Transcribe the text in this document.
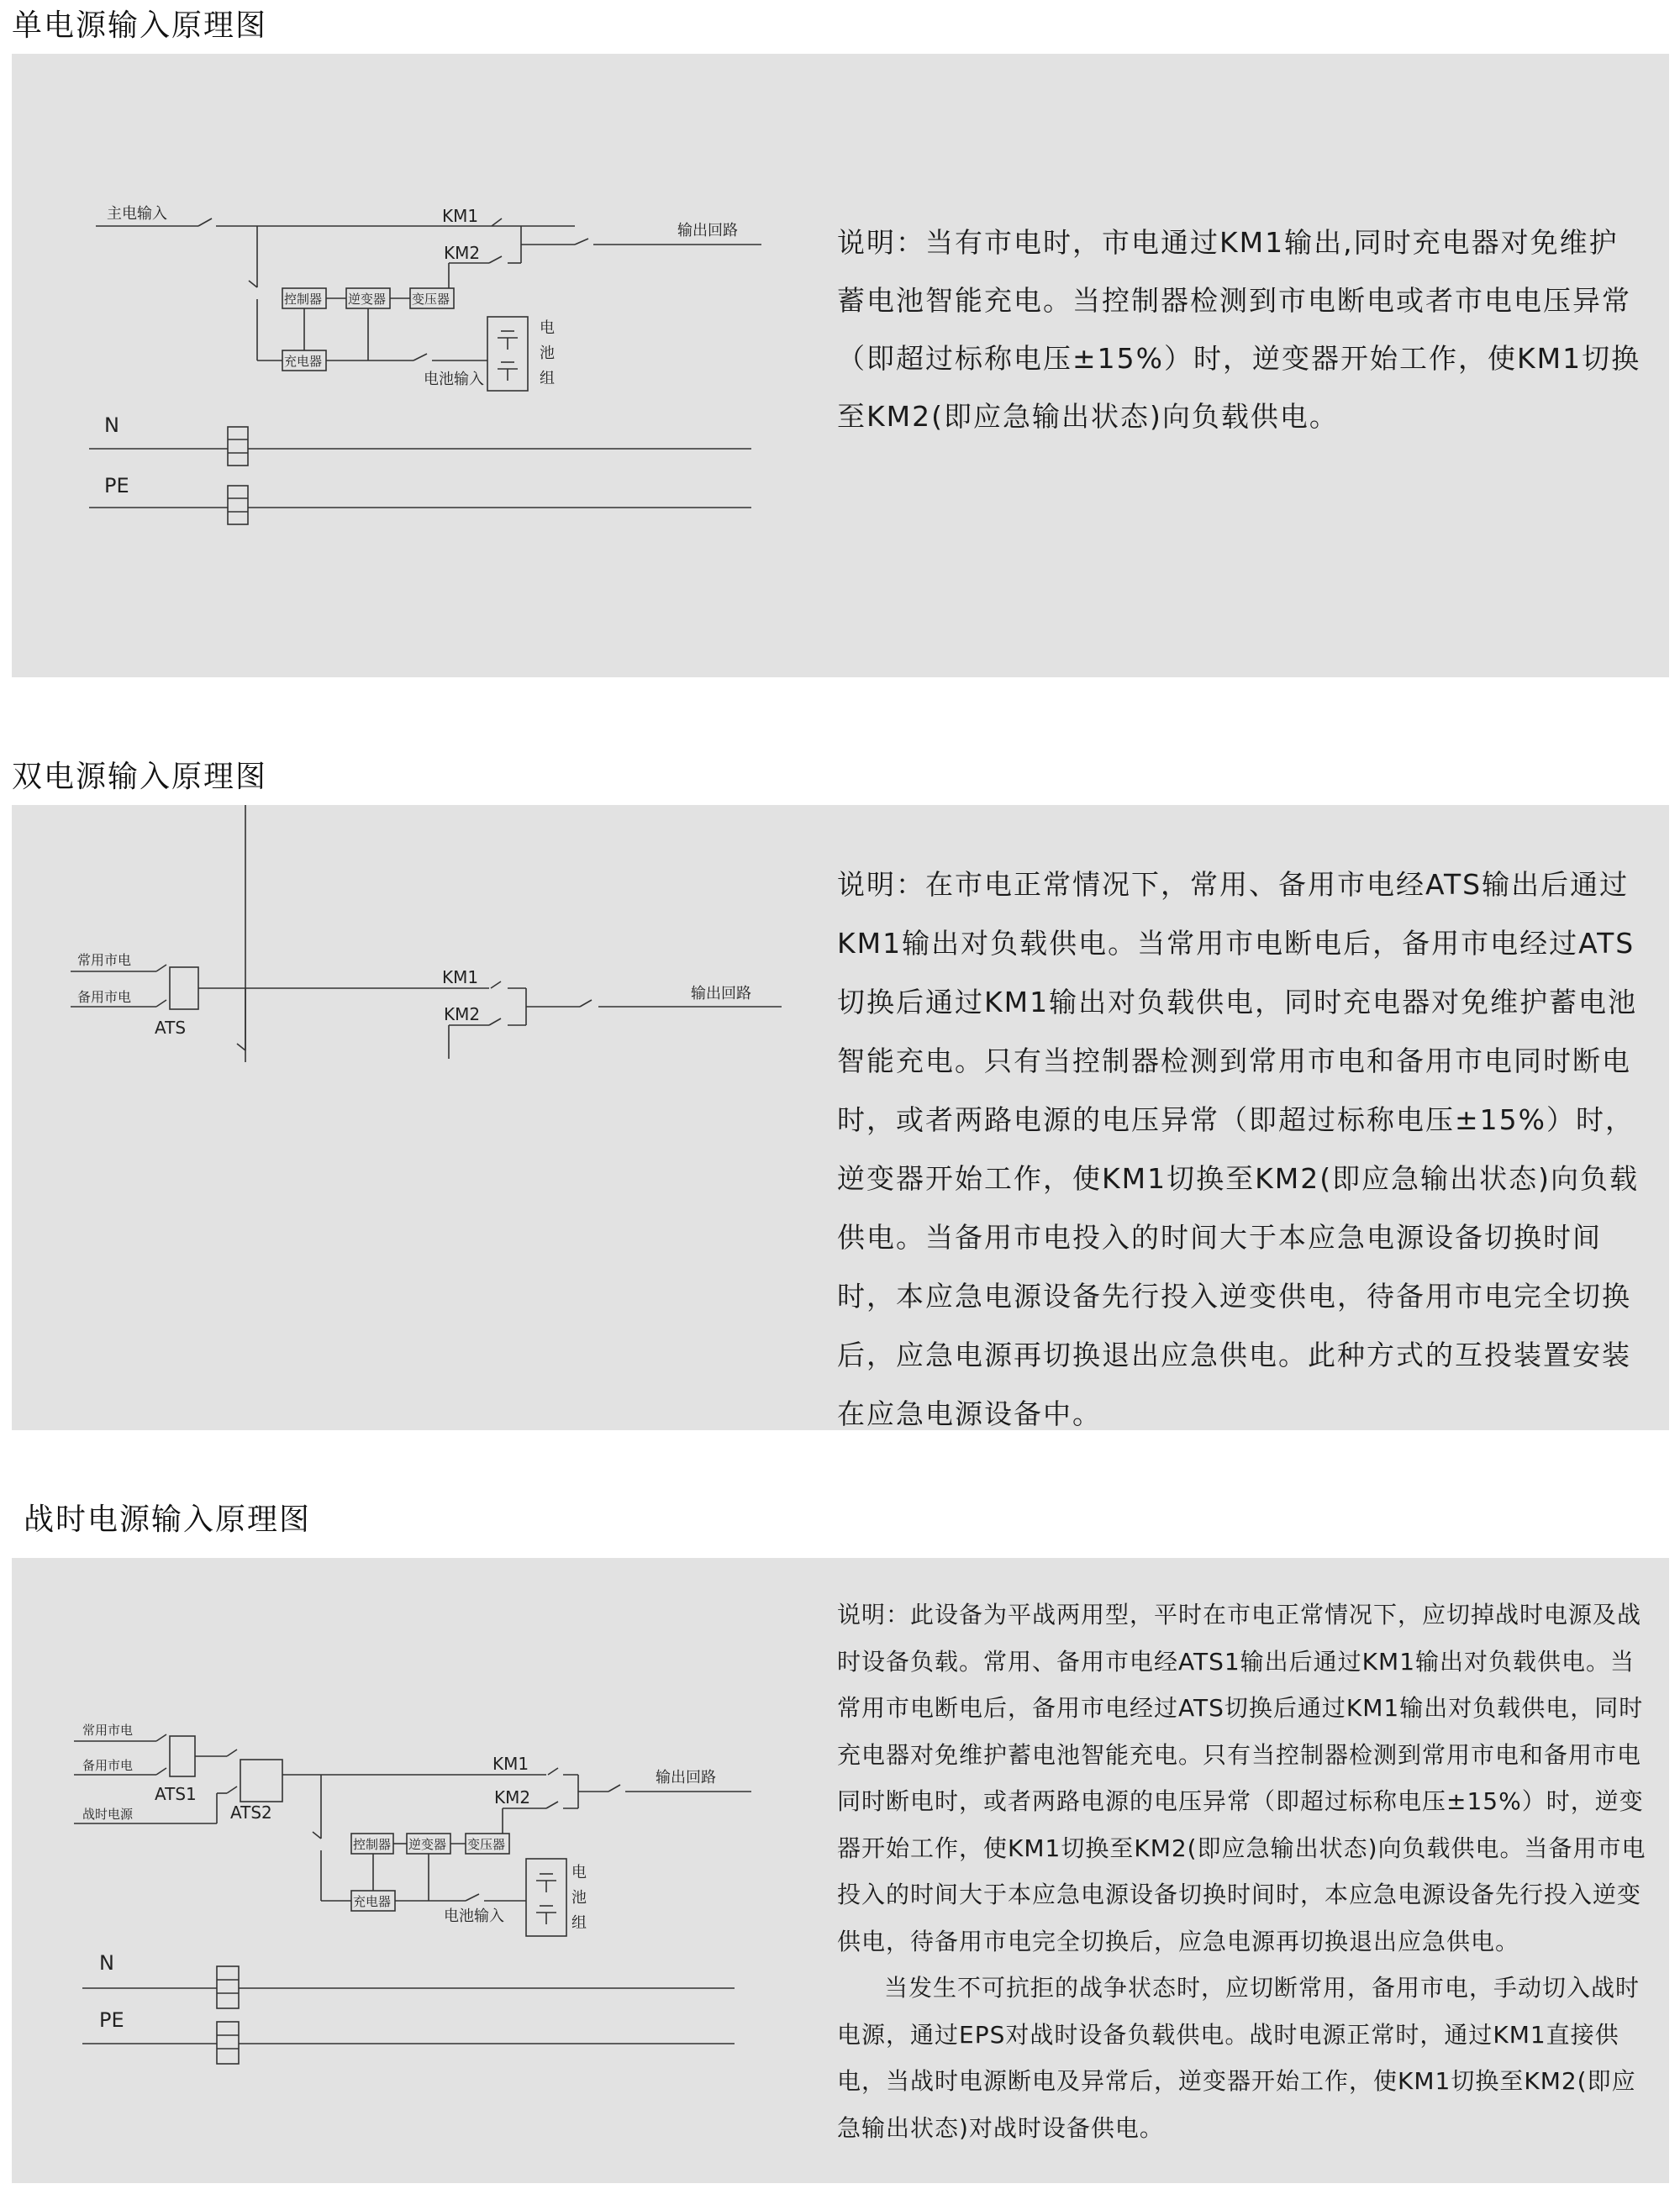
单电源输入原理图
主电输入	KM1
KM2
输出回路
控制器 逆变器 变压器
充电器
电池输入
电
池
组
N
PE

说明：当有市电时，市电通过KM1输出,同时充电器对免维护蓄电池智能充电。当控制器检测到市电断电或者市电电压异常（即超过标称电压±15%）时，逆变器开始工作，使KM1切换至KM2(即应急输出状态)向负载供电。

双电源输入原理图
常用市电
备用市电
ATS
KM1
KM2
输出回路

说明：在市电正常情况下，常用、备用市电经ATS输出后通过KM1输出对负载供电。当常用市电断电后，备用市电经过ATS切换后通过KM1输出对负载供电，同时充电器对免维护蓄电池智能充电。只有当控制器检测到常用市电和备用市电同时断电时，或者两路电源的电压异常（即超过标称电压±15%）时，逆变器开始工作，使KM1切换至KM2(即应急输出状态)向负载供电。当备用市电投入的时间大于本应急电源设备切换时间时，本应急电源设备先行投入逆变供电，待备用市电完全切换后，应急电源再切换退出应急供电。此种方式的互投装置安装在应急电源设备中。

战时电源输入原理图
常用市电
备用市电
ATS1
战时电源	ATS2
KM1
KM2
输出回路
控制器 逆变器 变压器
充电器
电池输入
电
池
组
N
PE

说明：此设备为平战两用型，平时在市电正常情况下，应切掉战时电源及战时设备负载。常用、备用市电经ATS1输出后通过KM1输出对负载供电。当常用市电断电后，备用市电经过ATS切换后通过KM1输出对负载供电，同时充电器对免维护蓄电池智能充电。只有当控制器检测到常用市电和备用市电同时断电时，或者两路电源的电压异常（即超过标称电压±15%）时，逆变器开始工作，使KM1切换至KM2(即应急输出状态)向负载供电。当备用市电投入的时间大于本应急电源设备切换时间时，本应急电源设备先行投入逆变供电，待备用市电完全切换后，应急电源再切换退出应急供电。

当发生不可抗拒的战争状态时，应切断常用，备用市电，手动切入战时电源，通过EPS对战时设备负载供电。战时电源正常时，通过KM1直接供电，当战时电源断电及异常后，逆变器开始工作，使KM1切换至KM2(即应急输出状态)对战时设备供电。
